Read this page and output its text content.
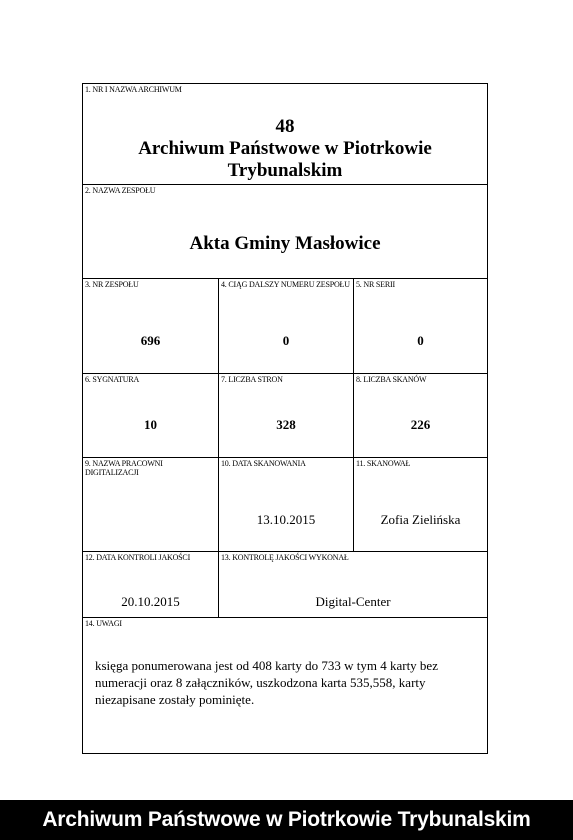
1. NR I NAZWA ARCHIWUM
48
Archiwum Państwowe w Piotrkowie
Trybunalskim
2. NAZWA ZESPOŁU
Akta Gminy Masłowice
3. NR ZESPOŁU
696
4. CIĄG DALSZY NUMERU ZESPOŁU
0
5. NR SERII
0
6. SYGNATURA
10
7. LICZBA STRON
328
8. LICZBA SKANÓW
226
9. NAZWA PRACOWNI DIGITALIZACJI
10. DATA SKANOWANIA
13.10.2015
11. SKANOWAŁ
Zofia Zielińska
12. DATA KONTROLI JAKOŚCI
20.10.2015
13. KONTROLĘ JAKOŚCI WYKONAŁ
Digital-Center
14. UWAGI
księga ponumerowana jest od 408 karty do 733 w tym 4 karty bez numeracji oraz 8 załączników, uszkodzona karta 535,558, karty niezapisane zostały pominięte.
Archiwum Państwowe w Piotrkowie Trybunalskim
